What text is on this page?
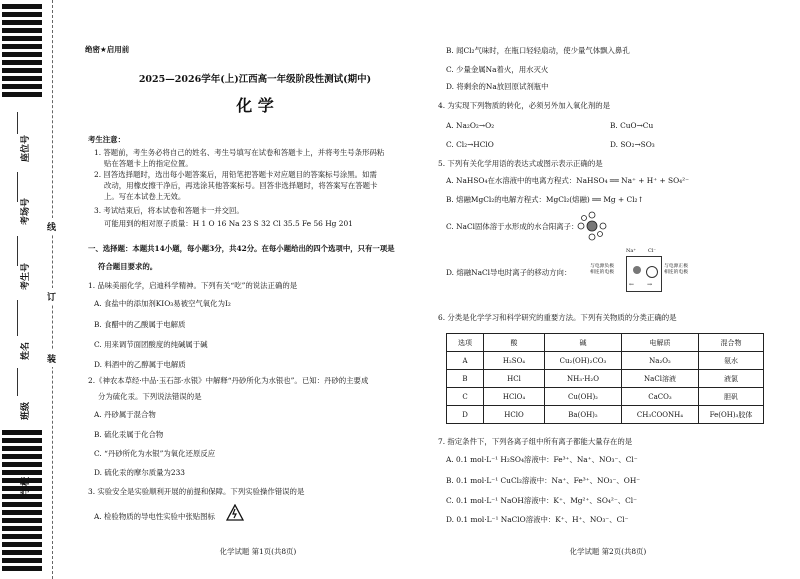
座位号
考场号
考生号
姓名
班级
学校
线
订
装
绝密★启用前
2025—2026学年(上)江西高一年级阶段性测试(期中)
化 学
考生注意：
1. 答题前，考生务必将自己的姓名、考生号填写在试卷和答题卡上，并将考生号条形码粘
贴在答题卡上的指定位置。
2. 回答选择题时，选出每小题答案后，用铅笔把答题卡对应题目的答案标号涂黑。如需
改动，用橡皮擦干净后，再选涂其他答案标号。回答非选择题时，将答案写在答题卡
上。写在本试卷上无效。
3. 考试结束后，将本试卷和答题卡一并交回。
可能用到的相对原子质量：H 1 O 16 Na 23 S 32 Cl 35.5 Fe 56 Hg 201
一、选择题：本题共14小题，每小题3分，共42分。在每小题给出的四个选项中，只有一项是
符合题目要求的。
1. 品味美丽化学，启迪科学精神。下列有关“吃”的说法正确的是
A. 食盐中的添加剂KIO₃易被空气氧化为I₂
B. 食醋中的乙酸属于电解质
C. 用来调节面团酸度的纯碱属于碱
D. 料酒中的乙醇属于电解质
2.《神农本草经·中品·玉石部·水银》中解释“丹砂所化为水银也”。已知：丹砂的主要成
分为硫化汞。下列说法错误的是
A. 丹砂属于混合物
B. 硫化汞属于化合物
C. “丹砂所化为水银”为氧化还原反应
D. 硫化汞的摩尔质量为233
3. 实验安全是实验顺利开展的前提和保障。下列实验操作错误的是
A. 检验物质的导电性实验中张贴图标
化学试题 第1页(共8页)
B. 闻Cl₂气味时，在瓶口轻轻扇动，使少量气体飘入鼻孔
C. 少量金属Na着火，用水灭火
D. 将剩余的Na放回原试剂瓶中
4. 为实现下列物质的转化，必须另外加入氧化剂的是
A. Na₂O₂→O₂	B. CuO→Cu
C. Cl₂→HClO	D. SO₂→SO₃
5. 下列有关化学用语的表达式或图示表示正确的是
A. NaHSO₄在水溶液中的电离方程式：NaHSO₄ ══ Na⁺ + H⁺ + SO₄²⁻
B. 熔融MgCl₂的电解方程式：MgCl₂(熔融) ══ Mg + Cl₂↑
C. NaCl固体溶于水形成的水合阳离子：
D. 熔融NaCl导电时离子的移动方向：
Na⁺ Cl⁻
与电源负极
相连的电极
← →
与电源正极
相连的电极
6. 分类是化学学习和科学研究的重要方法。下列有关物质的分类正确的是
选项	酸	碱	电解质	混合物
A	H₂SO₄	Cu₂(OH)₂CO₃	Na₂O₂	氨水
B	HCl	NH₃·H₂O	NaCl溶液	液氯
C	HClO₄	Cu(OH)₂	CaCO₃	胆矾
D	HClO	Ba(OH)₂	CH₃COONH₄	Fe(OH)₃胶体
7. 指定条件下，下列各离子组中所有离子都能大量存在的是
A. 0.1 mol·L⁻¹ H₂SO₄溶液中：Fe³⁺、Na⁺、NO₃⁻、Cl⁻
B. 0.1 mol·L⁻¹ CuCl₂溶液中：Na⁺、Fe³⁺、NO₃⁻、OH⁻
C. 0.1 mol·L⁻¹ NaOH溶液中：K⁺、Mg²⁺、SO₄²⁻、Cl⁻
D. 0.1 mol·L⁻¹ NaClO溶液中：K⁺、H⁺、NO₃⁻、Cl⁻
化学试题 第2页(共8页)
